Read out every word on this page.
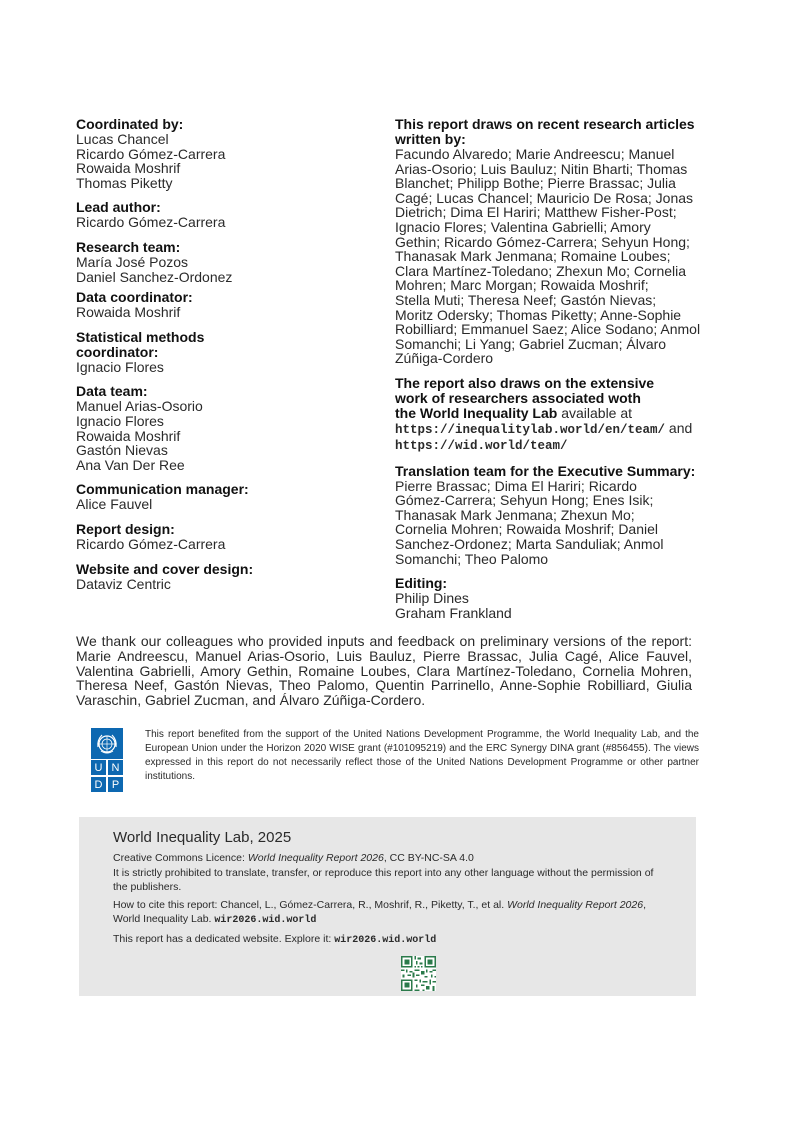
Coordinated by:
Lucas Chancel
Ricardo Gómez-Carrera
Rowaida Moshrif
Thomas Piketty
Lead author:
Ricardo Gómez-Carrera
Research team:
María José Pozos
Daniel Sanchez-Ordonez
Data coordinator:
Rowaida Moshrif
Statistical methods
coordinator:
Ignacio Flores
Data team:
Manuel Arias-Osorio
Ignacio Flores
Rowaida Moshrif
Gastón Nievas
Ana Van Der Ree
Communication manager:
Alice Fauvel
Report design:
Ricardo Gómez-Carrera
Website and cover design:
Dataviz Centric
This report draws on recent research articles
written by:
Facundo Alvaredo; Marie Andreescu; Manuel
Arias-Osorio; Luis Bauluz; Nitin Bharti; Thomas
Blanchet; Philipp Bothe; Pierre Brassac; Julia
Cagé; Lucas Chancel; Mauricio De Rosa; Jonas
Dietrich; Dima El Hariri; Matthew Fisher-Post;
Ignacio Flores; Valentina Gabrielli; Amory
Gethin; Ricardo Gómez-Carrera; Sehyun Hong;
Thanasak Mark Jenmana; Romaine Loubes;
Clara Martínez-Toledano; Zhexun Mo; Cornelia
Mohren; Marc Morgan; Rowaida Moshrif;
Stella Muti; Theresa Neef; Gastón Nievas;
Moritz Odersky; Thomas Piketty; Anne-Sophie
Robilliard; Emmanuel Saez; Alice Sodano; Anmol
Somanchi; Li Yang; Gabriel Zucman; Álvaro
Zúñiga-Cordero
The report also draws on the extensive
work of researchers associated woth
the World Inequality Lab available at
https://inequalitylab.world/en/team/ and
https://wid.world/team/
Translation team for the Executive Summary:
Pierre Brassac; Dima El Hariri; Ricardo
Gómez-Carrera; Sehyun Hong; Enes Isik;
Thanasak Mark Jenmana; Zhexun Mo;
Cornelia Mohren; Rowaida Moshrif; Daniel
Sanchez-Ordonez; Marta Sanduliak; Anmol
Somanchi; Theo Palomo
Editing:
Philip Dines
Graham Frankland
We thank our colleagues who provided inputs and feedback on preliminary versions of the report: Marie Andreescu, Manuel Arias-Osorio, Luis Bauluz, Pierre Brassac, Julia Cagé, Alice Fauvel, Valentina Gabrielli, Amory Gethin, Romaine Loubes, Clara Martínez-Toledano, Cornelia Mohren, Theresa Neef, Gastón Nievas, Theo Palomo, Quentin Parrinello, Anne-Sophie Robilliard, Giulia Varaschin, Gabriel Zucman, and Álvaro Zúñiga-Cordero.
U N
D P
This report benefited from the support of the United Nations Development Programme, the World Inequality Lab, and the European Union under the Horizon 2020 WISE grant (#101095219) and the ERC Synergy DINA grant (#856455). The views expressed in this report do not necessarily reflect those of the United Nations Development Programme or other partner institutions.
World Inequality Lab, 2025
Creative Commons Licence: World Inequality Report 2026, CC BY-NC-SA 4.0
It is strictly prohibited to translate, transfer, or reproduce this report into any other language without the permission of the publishers.
How to cite this report: Chancel, L., Gómez-Carrera, R., Moshrif, R., Piketty, T., et al. World Inequality Report 2026, World Inequality Lab. wir2026.wid.world
This report has a dedicated website. Explore it: wir2026.wid.world
